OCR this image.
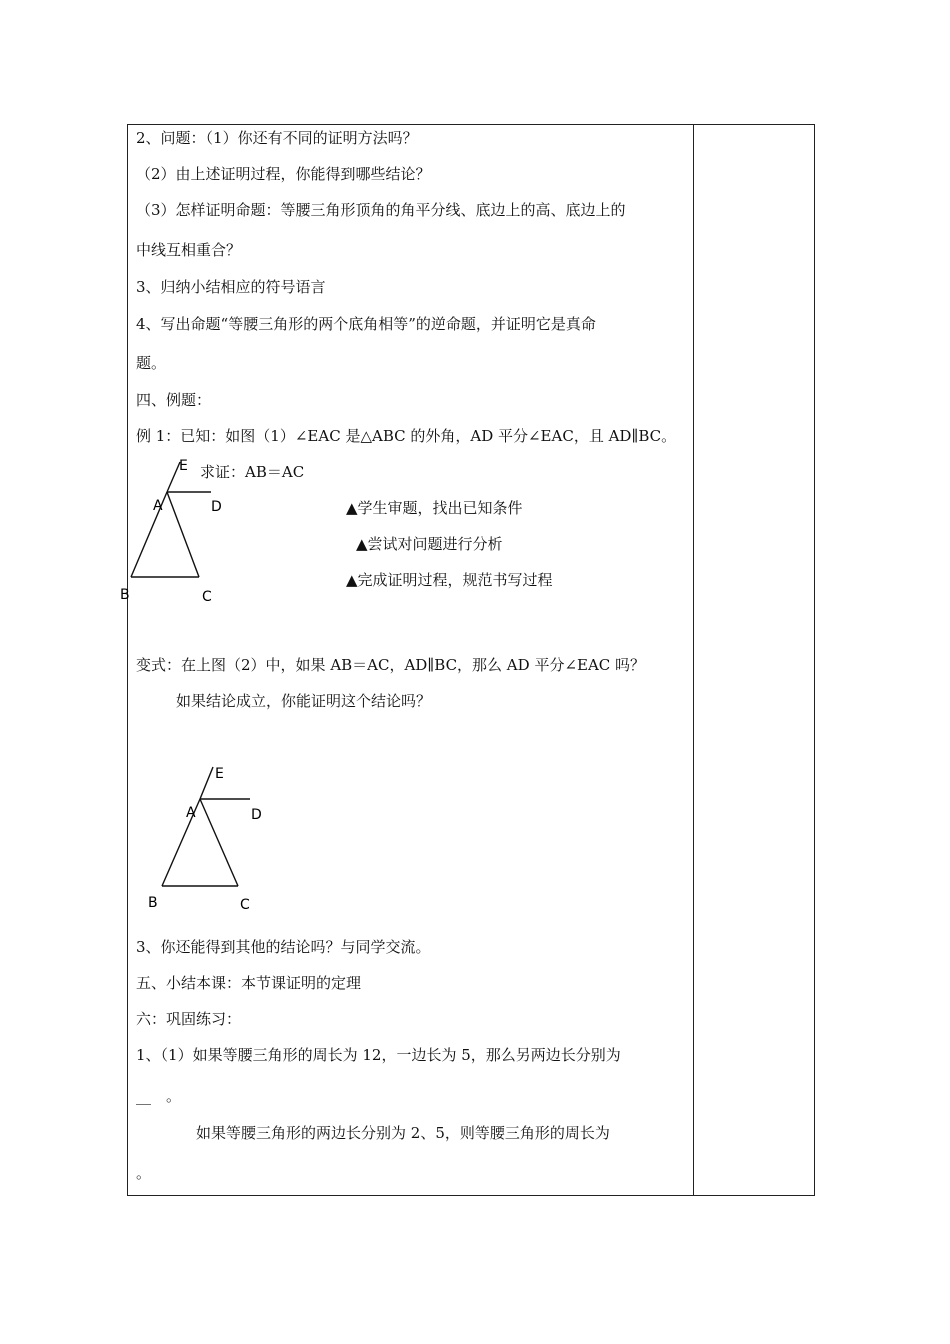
2、问题：（1）你还有不同的证明方法吗？
（2）由上述证明过程，你能得到哪些结论？
（3）怎样证明命题：等腰三角形顶角的角平分线、底边上的高、底边上的
中线互相重合？
3、归纳小结相应的符号语言
4、写出命题“等腰三角形的两个底角相等”的逆命题，并证明它是真命
题。
四、例题：
例 1：已知：如图（1）∠EAC 是△ABC 的外角，AD 平分∠EAC，且 AD∥BC。
求证：AB＝AC
▲学生审题，找出已知条件
▲尝试对问题进行分析
▲完成证明过程，规范书写过程
E
A	D
B	C
变式：在上图（2）中，如果 AB＝AC，AD∥BC，那么 AD 平分∠EAC 吗？
如果结论成立，你能证明这个结论吗？
E
A	D
B	C
3、你还能得到其他的结论吗？与同学交流。
五、小结本课：本节课证明的定理
六：巩固练习：
1、（1）如果等腰三角形的周长为 12，一边长为 5，那么另两边长分别为
__　。
如果等腰三角形的两边长分别为 2、5，则等腰三角形的周长为
。
